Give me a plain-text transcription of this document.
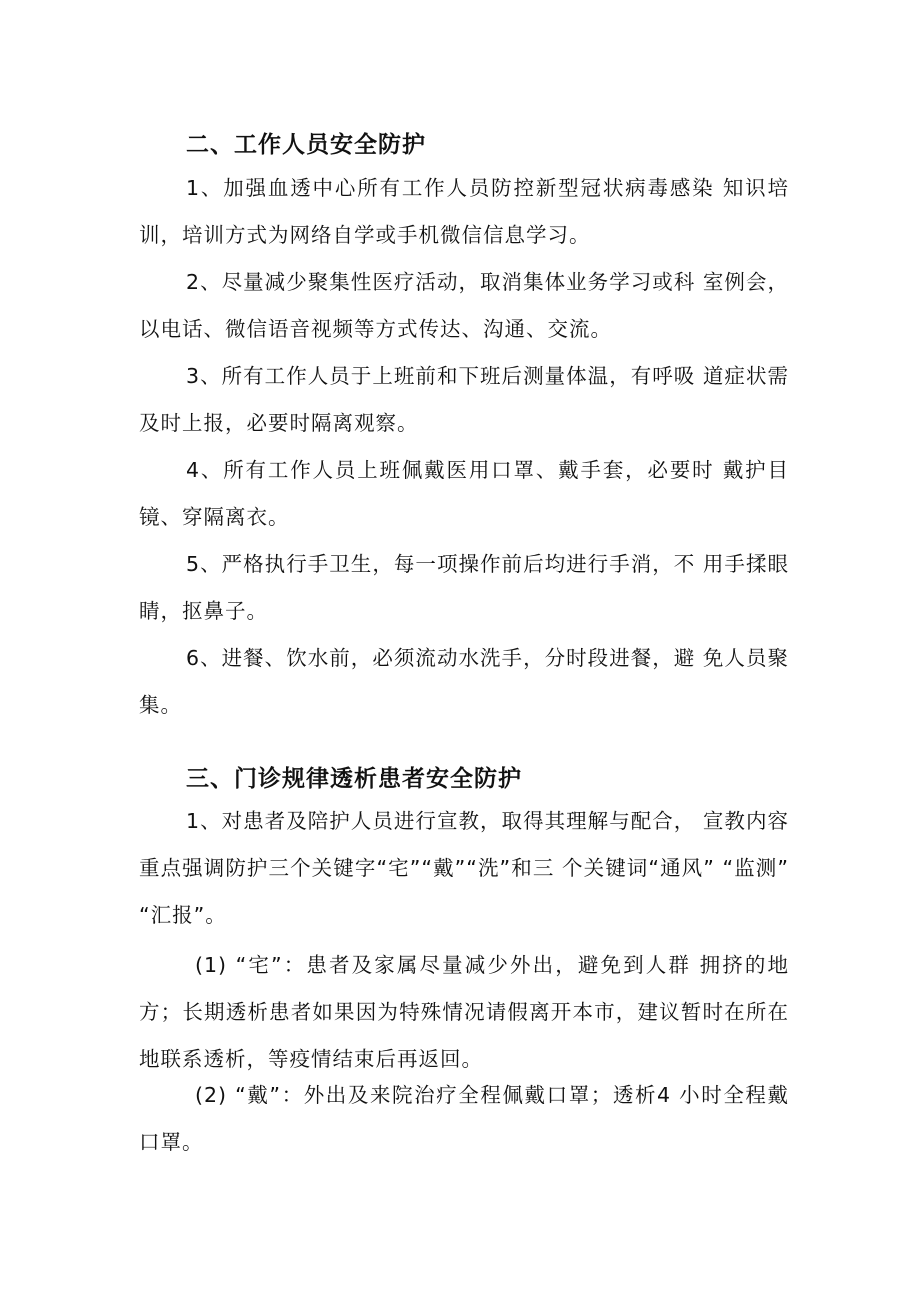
二、工作人员安全防护

1、加强血透中心所有工作人员防控新型冠状病毒感染 知识培训，培训方式为网络自学或手机微信信息学习。

2、尽量减少聚集性医疗活动，取消集体业务学习或科 室例会，以电话、微信语音视频等方式传达、沟通、交流。

3、所有工作人员于上班前和下班后测量体温，有呼吸 道症状需及时上报，必要时隔离观察。

4、所有工作人员上班佩戴医用口罩、戴手套，必要时 戴护目镜、穿隔离衣。

5、严格执行手卫生，每一项操作前后均进行手消，不 用手揉眼睛，抠鼻子。

6、进餐、饮水前，必须流动水洗手，分时段进餐，避 免人员聚集。

三、门诊规律透析患者安全防护

1、对患者及陪护人员进行宣教，取得其理解与配合， 宣教内容重点强调防护三个关键字“宅”“戴”“洗”和三 个关键词“通风” “监测” “汇报”。

(1) “宅”：患者及家属尽量减少外出，避免到人群 拥挤的地方；长期透析患者如果因为特殊情况请假离开本市，建议暂时在所在地联系透析，等疫情结束后再返回。

(2) “戴”：外出及来院治疗全程佩戴口罩；透析4 小时全程戴口罩。
